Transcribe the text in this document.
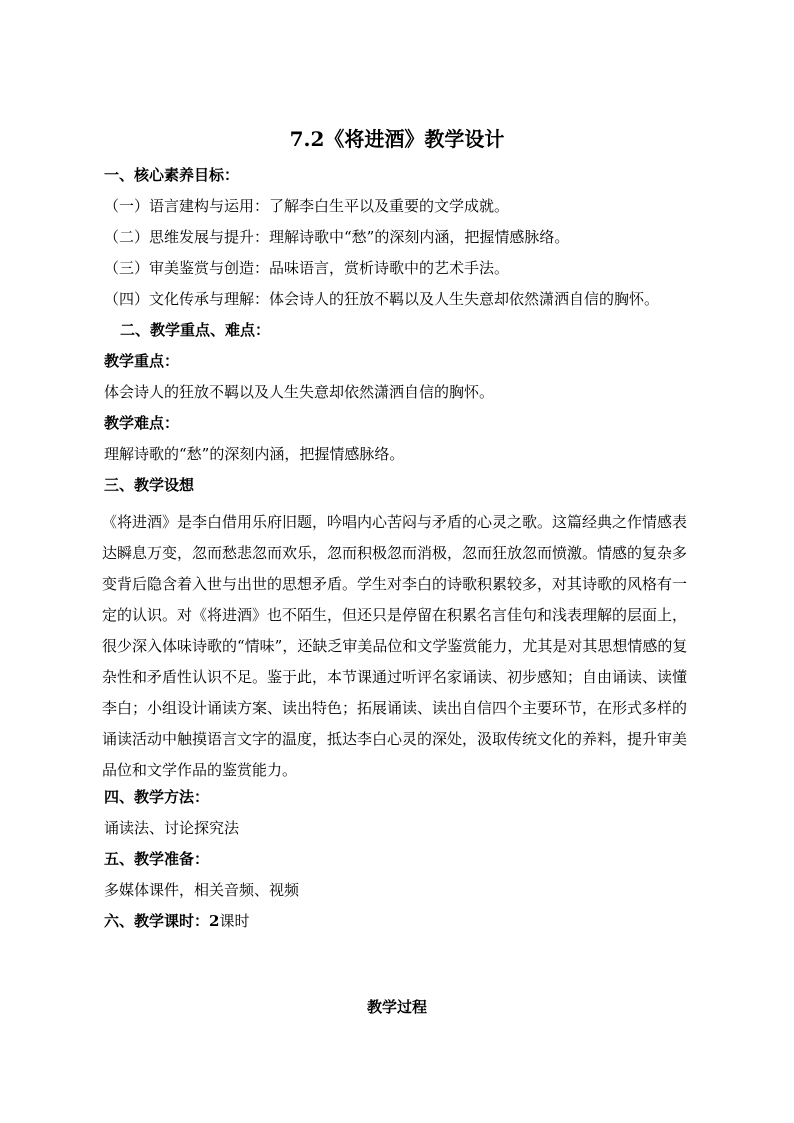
7.2《将进酒》教学设计
一、核心素养目标：
（一）语言建构与运用：了解李白生平以及重要的文学成就。
（二）思维发展与提升：理解诗歌中“愁”的深刻内涵，把握情感脉络。
（三）审美鉴赏与创造：品味语言，赏析诗歌中的艺术手法。
（四）文化传承与理解：体会诗人的狂放不羁以及人生失意却依然潇洒自信的胸怀。
二、教学重点、难点：
教学重点：
体会诗人的狂放不羁以及人生失意却依然潇洒自信的胸怀。
教学难点：
理解诗歌的“愁”的深刻内涵，把握情感脉络。
三、教学设想
《将进酒》是李白借用乐府旧题，吟唱内心苦闷与矛盾的心灵之歌。这篇经典之作情感表
达瞬息万变，忽而愁悲忽而欢乐，忽而积极忽而消极，忽而狂放忽而愤激。情感的复杂多
变背后隐含着入世与出世的思想矛盾。学生对李白的诗歌积累较多，对其诗歌的风格有一
定的认识。对《将进酒》也不陌生，但还只是停留在积累名言佳句和浅表理解的层面上，
很少深入体味诗歌的“情味”，还缺乏审美品位和文学鉴赏能力，尤其是对其思想情感的复
杂性和矛盾性认识不足。鉴于此，本节课通过听评名家诵读、初步感知；自由诵读、读懂
李白；小组设计诵读方案、读出特色；拓展诵读、读出自信四个主要环节，在形式多样的
诵读活动中触摸语言文字的温度，抵达李白心灵的深处，汲取传统文化的养料，提升审美
品位和文学作品的鉴赏能力。
四、教学方法：
诵读法、讨论探究法
五、教学准备：
多媒体课件，相关音频、视频
六、教学课时：2课时
教学过程
